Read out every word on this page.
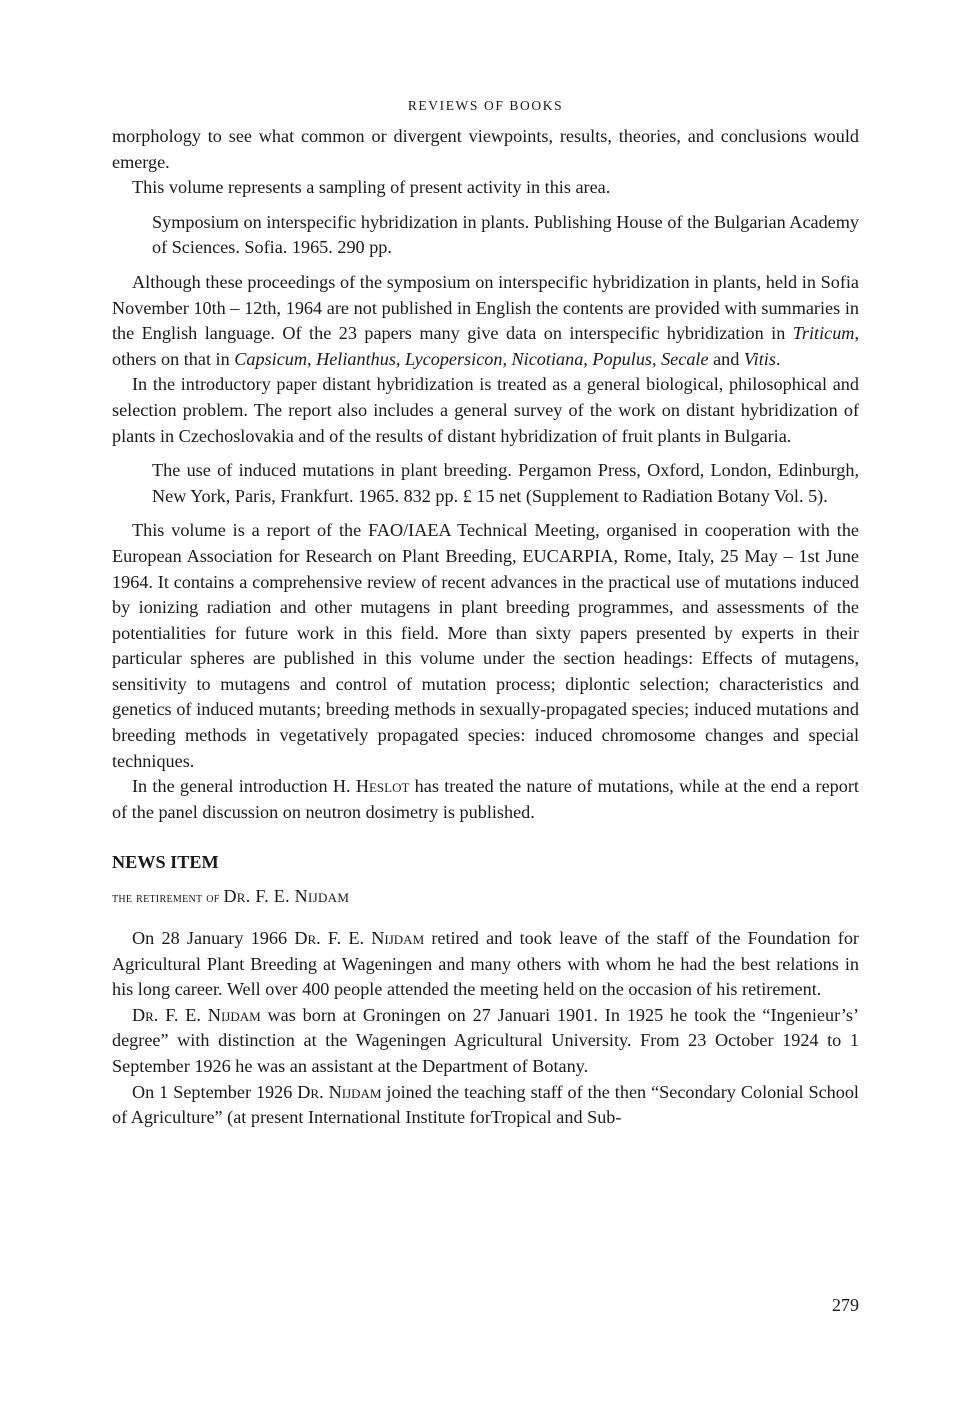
REVIEWS OF BOOKS

morphology to see what common or divergent viewpoints, results, theories, and conclusions would emerge.

This volume represents a sampling of present activity in this area.

Symposium on interspecific hybridization in plants. Publishing House of the Bulgarian Academy of Sciences. Sofia. 1965. 290 pp.

Although these proceedings of the symposium on interspecific hybridization in plants, held in Sofia November 10th – 12th, 1964 are not published in English the contents are provided with summaries in the English language. Of the 23 papers many give data on interspecific hybridization in Triticum, others on that in Capsicum, Helianthus, Lycopersicon, Nicotiana, Populus, Secale and Vitis.

In the introductory paper distant hybridization is treated as a general biological, philosophical and selection problem. The report also includes a general survey of the work on distant hybridization of plants in Czechoslovakia and of the results of distant hybridization of fruit plants in Bulgaria.

The use of induced mutations in plant breeding. Pergamon Press, Oxford, London, Edinburgh, New York, Paris, Frankfurt. 1965. 832 pp. £ 15 net (Supplement to Radiation Botany Vol. 5).

This volume is a report of the FAO/IAEA Technical Meeting, organised in cooperation with the European Association for Research on Plant Breeding, EUCARPIA, Rome, Italy, 25 May – 1st June 1964. It contains a comprehensive review of recent advances in the practical use of mutations induced by ionizing radiation and other mutagens in plant breeding programmes, and assessments of the potentialities for future work in this field. More than sixty papers presented by experts in their particular spheres are published in this volume under the section headings: Effects of mutagens, sensitivity to mutagens and control of mutation process; diplontic selection; characteristics and genetics of induced mutants; breeding methods in sexually-propagated species; induced mutations and breeding methods in vegetatively propagated species: induced chromosome changes and special techniques.

In the general introduction H. Heslot has treated the nature of mutations, while at the end a report of the panel discussion on neutron dosimetry is published.

NEWS ITEM
the retirement of Dr. F. E. Nijdam

On 28 January 1966 Dr. F. E. Nijdam retired and took leave of the staff of the Foundation for Agricultural Plant Breeding at Wageningen and many others with whom he had the best relations in his long career. Well over 400 people attended the meeting held on the occasion of his retirement.

Dr. F. E. Nijdam was born at Groningen on 27 Januari 1901. In 1925 he took the “Ingenieur’s’ degree” with distinction at the Wageningen Agricultural University. From 23 October 1924 to 1 September 1926 he was an assistant at the Department of Botany.

On 1 September 1926 Dr. Nijdam joined the teaching staff of the then “Secondary Colonial School of Agriculture” (at present International Institute forTropical and Sub-

279
